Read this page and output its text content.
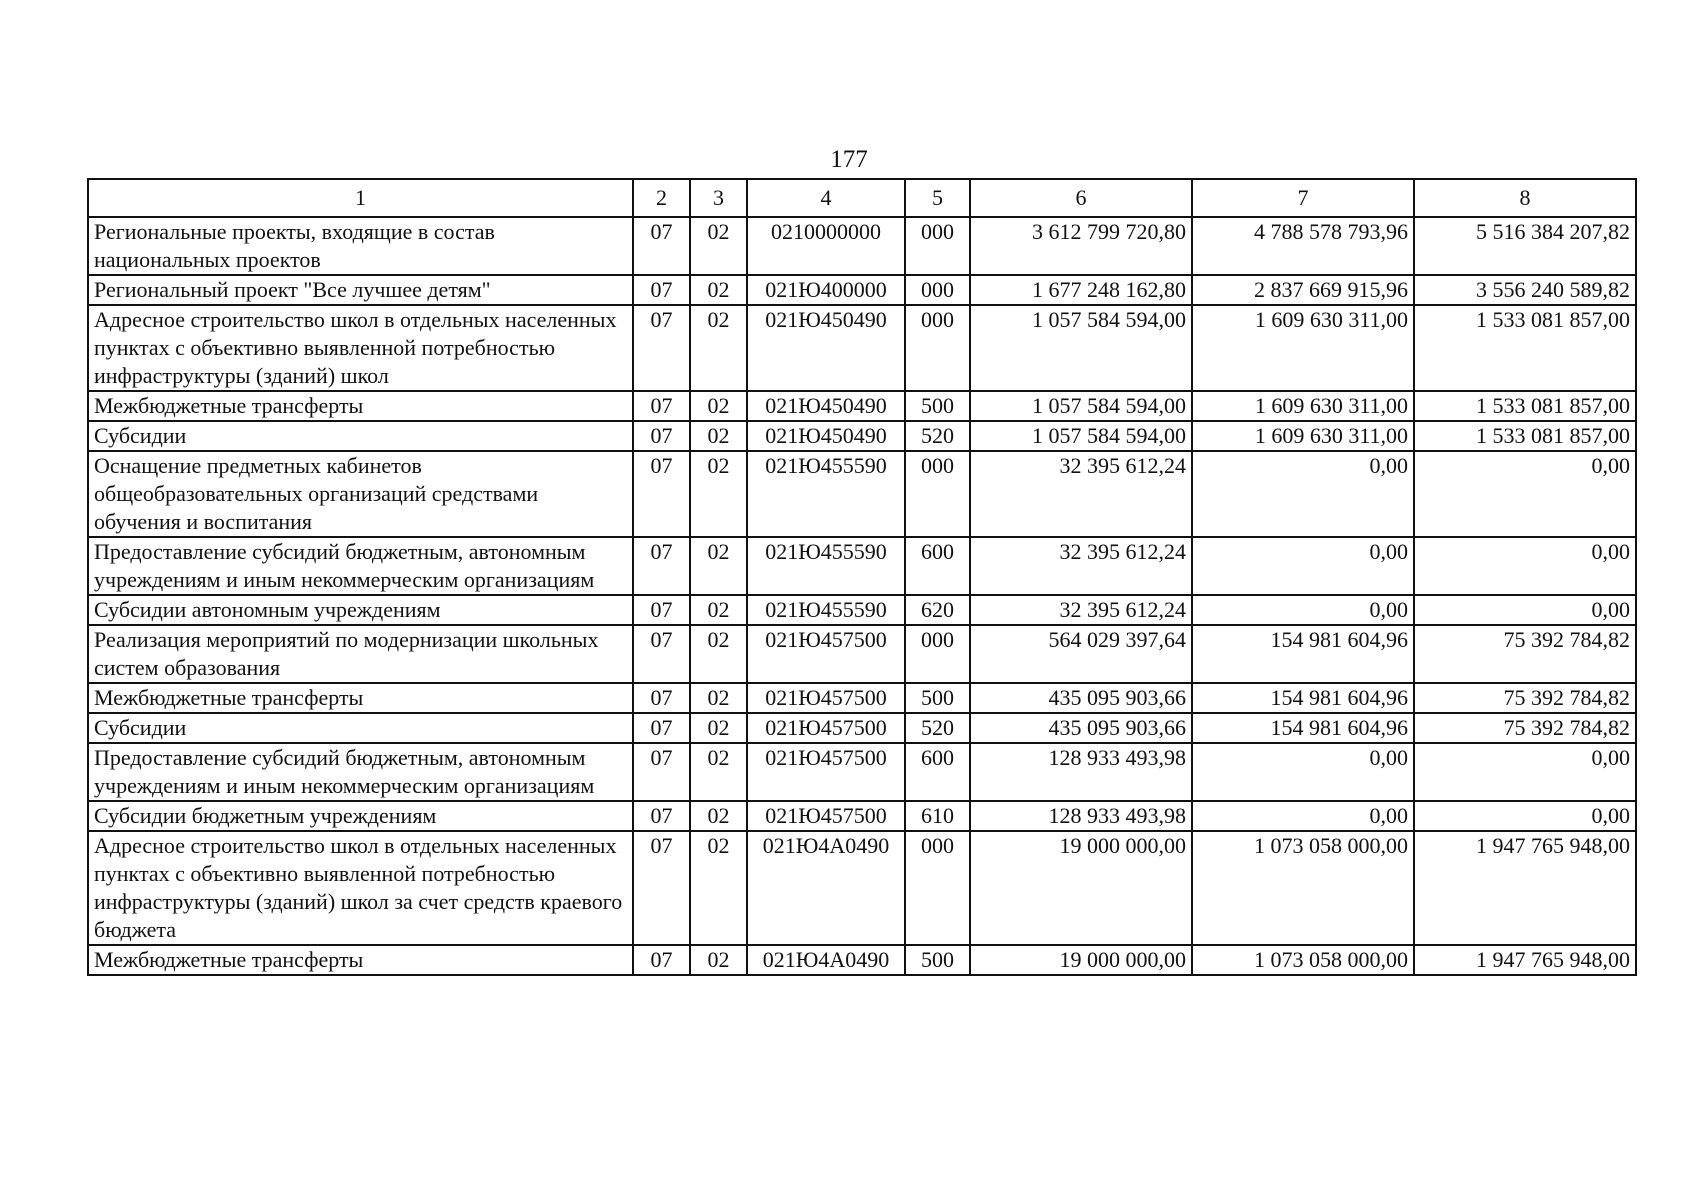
177
1	2	3	4	5	6	7	8
Региональные проекты, входящие в состав национальных проектов	07	02	0210000000	000	3 612 799 720,80	4 788 578 793,96	5 516 384 207,82
Региональный проект "Все лучшее детям"	07	02	021Ю400000	000	1 677 248 162,80	2 837 669 915,96	3 556 240 589,82
Адресное строительство школ в отдельных населенных пунктах с объективно выявленной потребностью инфраструктуры (зданий) школ	07	02	021Ю450490	000	1 057 584 594,00	1 609 630 311,00	1 533 081 857,00
Межбюджетные трансферты	07	02	021Ю450490	500	1 057 584 594,00	1 609 630 311,00	1 533 081 857,00
Субсидии	07	02	021Ю450490	520	1 057 584 594,00	1 609 630 311,00	1 533 081 857,00
Оснащение предметных кабинетов общеобразовательных организаций средствами обучения и воспитания	07	02	021Ю455590	000	32 395 612,24	0,00	0,00
Предоставление субсидий бюджетным, автономным учреждениям и иным некоммерческим организациям	07	02	021Ю455590	600	32 395 612,24	0,00	0,00
Субсидии автономным учреждениям	07	02	021Ю455590	620	32 395 612,24	0,00	0,00
Реализация мероприятий по модернизации школьных систем образования	07	02	021Ю457500	000	564 029 397,64	154 981 604,96	75 392 784,82
Межбюджетные трансферты	07	02	021Ю457500	500	435 095 903,66	154 981 604,96	75 392 784,82
Субсидии	07	02	021Ю457500	520	435 095 903,66	154 981 604,96	75 392 784,82
Предоставление субсидий бюджетным, автономным учреждениям и иным некоммерческим организациям	07	02	021Ю457500	600	128 933 493,98	0,00	0,00
Субсидии бюджетным учреждениям	07	02	021Ю457500	610	128 933 493,98	0,00	0,00
Адресное строительство школ в отдельных населенных пунктах с объективно выявленной потребностью инфраструктуры (зданий) школ за счет средств краевого бюджета	07	02	021Ю4А0490	000	19 000 000,00	1 073 058 000,00	1 947 765 948,00
Межбюджетные трансферты	07	02	021Ю4А0490	500	19 000 000,00	1 073 058 000,00	1 947 765 948,00
